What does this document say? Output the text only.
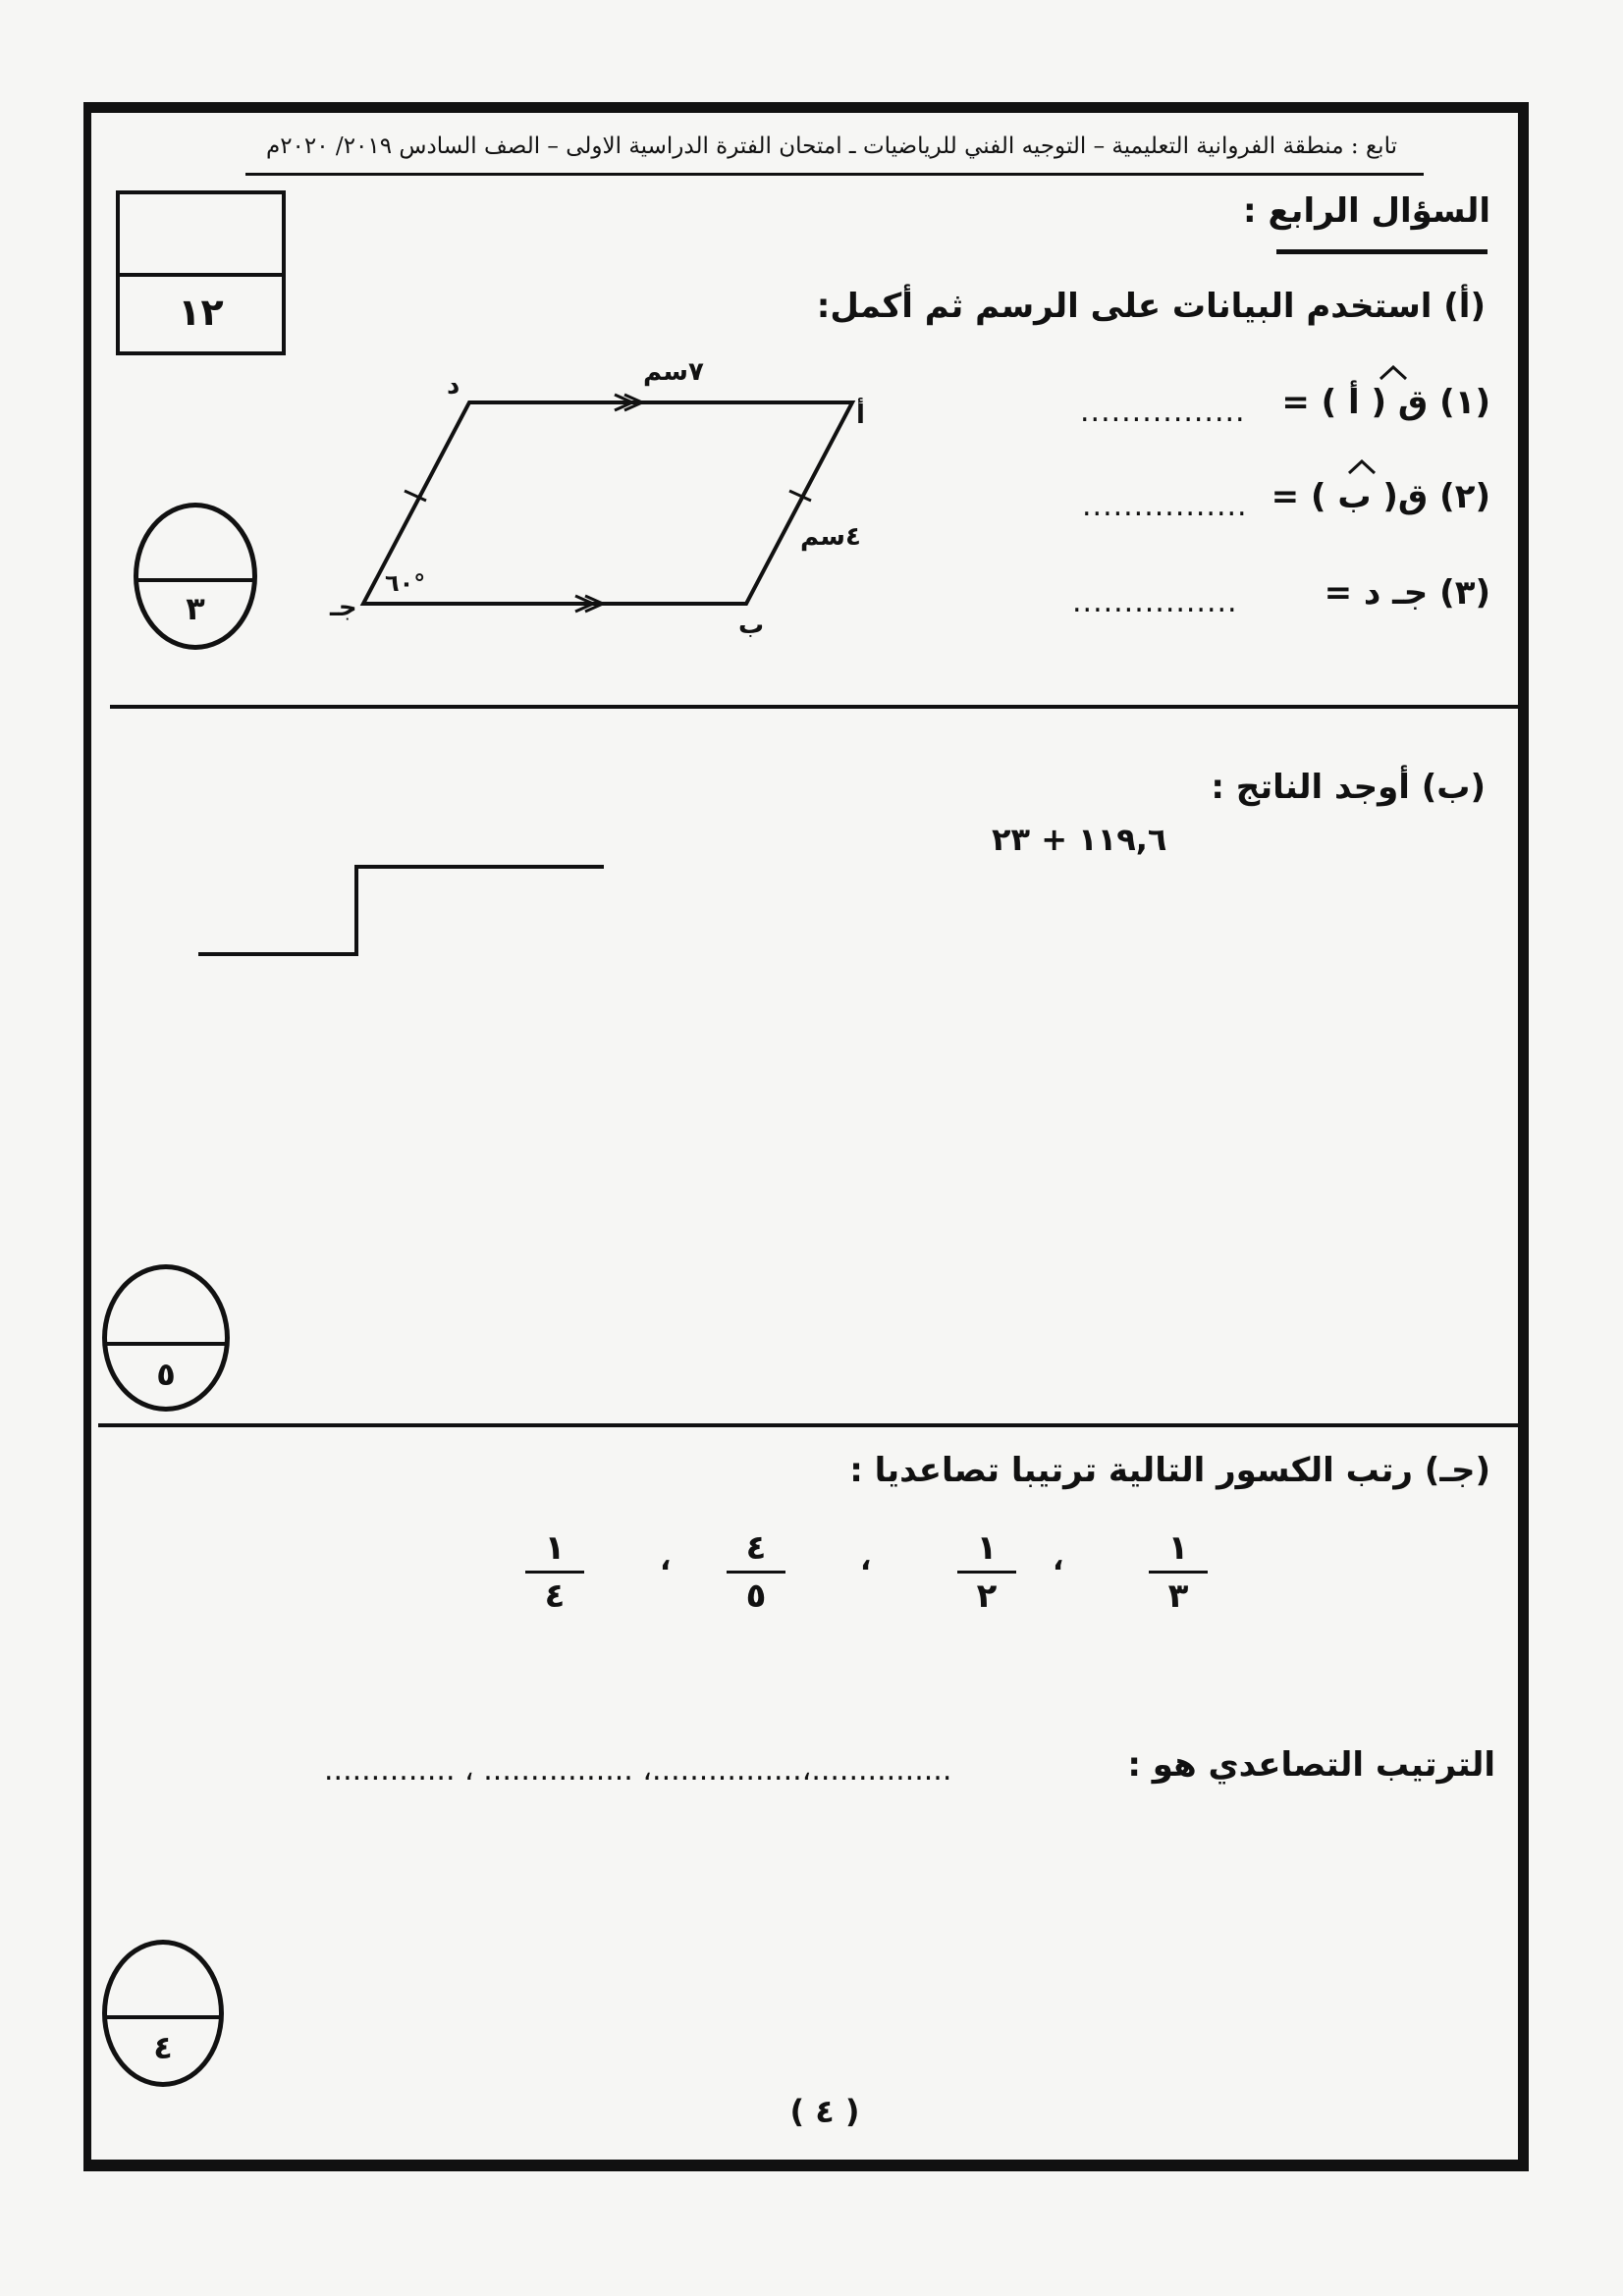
تابع : منطقة الفروانية التعليمية – التوجيه الفني للرياضيات ـ امتحان الفترة الدراسية الاولى – الصف السادس ٢٠١٩/ ٢٠٢٠م
السؤال الرابع :
١٢	(أ) استخدم البيانات على الرسم ثم أكمل:
(١) ق ( أ ) =
................
(٢) ق( ب ) =
................
(٣) جـ د =
................
د
أ
ب
جـ
٧سم
٤سم
٦٠°
٣
(ب) أوجد الناتج :
١١٩,٦ + ٢٣
٥
(جـ) رتب الكسور التالية ترتيبا تصاعديا :
١
٣
،
١
٢
،
٤
٥
،
١
٤
الترتيب التصاعدي هو :
.............. ، ................ ،................،...............
٤
( ٤ )
